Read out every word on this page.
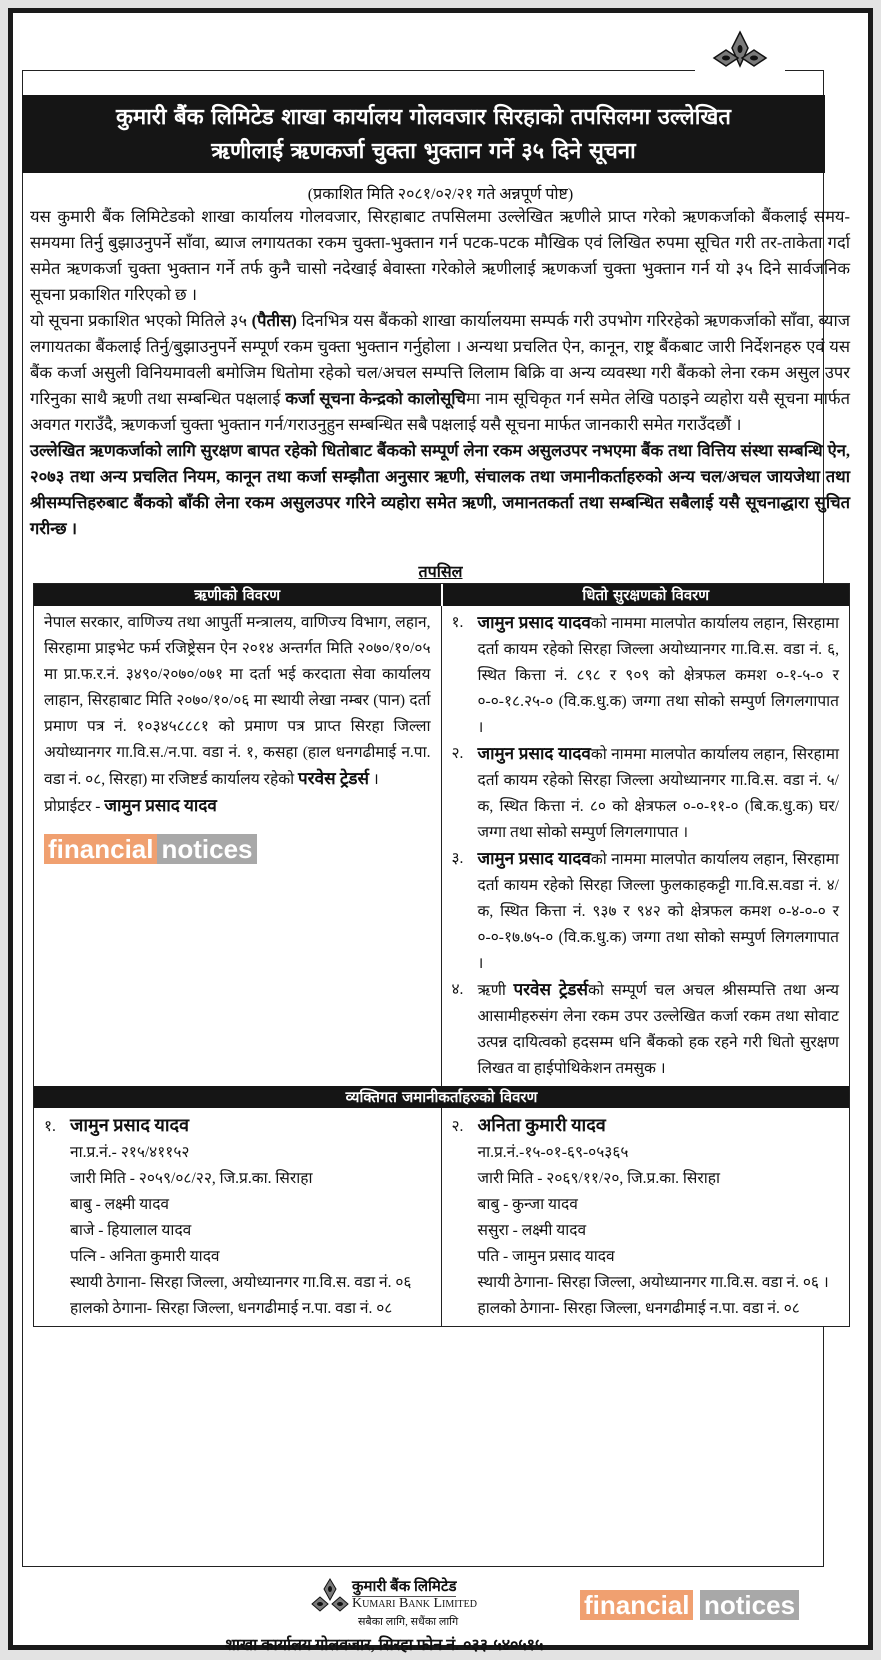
कुमारी बैंक लिमिटेड शाखा कार्यालय गोलवजार सिरहाको तपसिलमा उल्लेखित
ऋणीलाई ऋणकर्जा चुक्ता भुक्तान गर्ने ३५ दिने सूचना
(प्रकाशित मिति २०८१/०२/२१ गते अन्नपूर्ण पोष्ट)

यस कुमारी बैंक लिमिटेडको शाखा कार्यालय गोलवजार, सिरहाबाट तपसिलमा उल्लेखित ऋणीले प्राप्त गरेको ऋणकर्जाको बैंकलाई समय-समयमा तिर्नु बुझाउनुपर्ने साँवा, ब्याज लगायतका रकम चुक्ता-भुक्तान गर्न पटक-पटक मौखिक एवं लिखित रुपमा सूचित गरी तर-ताकेता गर्दा समेत ऋणकर्जा चुक्ता भुक्तान गर्ने तर्फ कुनै चासो नदेखाई बेवास्ता गरेकोले ऋणीलाई ऋणकर्जा चुक्ता भुक्तान गर्न यो ३५ दिने सार्वजनिक सूचना प्रकाशित गरिएको छ ।

यो सूचना प्रकाशित भएको मितिले ३५ (पैतीस) दिनभित्र यस बैंकको शाखा कार्यालयमा सम्पर्क गरी उपभोग गरिरहेको ऋणकर्जाको साँवा, ब्याज लगायतका बैंकलाई तिर्नु/बुझाउनुपर्ने सम्पूर्ण रकम चुक्ता भुक्तान गर्नुहोला । अन्यथा प्रचलित ऐन, कानून, राष्ट्र बैंकबाट जारी निर्देशनहरु एवं यस बैंक कर्जा असुली विनियमावली बमोजिम धितोमा रहेको चल/अचल सम्पत्ति लिलाम बिक्रि वा अन्य व्यवस्था गरी बैंकको लेना रकम असुल उपर गरिनुका साथै ऋणी तथा सम्बन्धित पक्षलाई कर्जा सूचना केन्द्रको कालोसूचिमा नाम सूचिकृत गर्न समेत लेखि पठाइने व्यहोरा यसै सूचना मार्फत अवगत गराउँदै, ऋणकर्जा चुक्ता भुक्तान गर्न/गराउनुहुन सम्बन्धित सबै पक्षलाई यसै सूचना मार्फत जानकारी समेत गराउँदछौं ।

उल्लेखित ऋणकर्जाको लागि सुरक्षण बापत रहेको धितोबाट बैंकको सम्पूर्ण लेना रकम असुलउपर नभएमा बैंक तथा वित्तिय संस्था सम्बन्धि ऐन, २०७३ तथा अन्य प्रचलित नियम, कानून तथा कर्जा सम्झौता अनुसार ऋणी, संचालक तथा जमानीकर्ताहरुको अन्य चल/अचल जायजेथा तथा श्रीसम्पत्तिहरुबाट बैंकको बाँकी लेना रकम असुलउपर गरिने व्यहोरा समेत ऋणी, जमानतकर्ता तथा सम्बन्धित सबैलाई यसै सूचनाद्धारा सुचित गरीन्छ ।

तपसिल
ऋणीको विवरण	धितो सुरक्षणको विवरण
नेपाल सरकार, वाणिज्य तथा आपुर्ती मन्त्रालय, वाणिज्य विभाग, लहान, सिरहामा प्राइभेट फर्म रजिष्ट्रेसन ऐन २०१४ अन्तर्गत मिति २०७०/१०/०५ मा प्रा.फ.र.नं. ३४९०/२०७०/०७१ मा दर्ता भई करदाता सेवा कार्यालय लाहान, सिरहाबाट मिति २०७०/१०/०६ मा स्थायी लेखा नम्बर (पान) दर्ता प्रमाण पत्र नं. १०३४५८८८१ को प्रमाण पत्र प्राप्त सिरहा जिल्ला अयोध्यानगर गा.वि.स./न.पा. वडा नं. १, कसहा (हाल धनगढीमाई न.पा. वडा नं. ०८, सिरहा) मा रजिष्टर्ड कार्यालय रहेको परवेस ट्रेडर्स ।
प्रोप्राईटर - जामुन प्रसाद यादव
financial notices
१. जामुन प्रसाद यादवको नाममा मालपोत कार्यालय लहान, सिरहामा दर्ता कायम रहेको सिरहा जिल्ला अयोध्यानगर गा.वि.स. वडा नं. ६, स्थित कित्ता नं. ८९८ र ९०९ को क्षेत्रफल कमश ०-१-५-० र ०-०-१८.२५-० (वि.क.धु.क) जग्गा तथा सोको सम्पुर्ण लिगलगापात ।
२. जामुन प्रसाद यादवको नाममा मालपोत कार्यालय लहान, सिरहामा दर्ता कायम रहेको सिरहा जिल्ला अयोध्यानगर गा.वि.स. वडा नं. ५/क, स्थित कित्ता नं. ८० को क्षेत्रफल ०-०-११-० (बि.क.धु.क) घर/जग्गा तथा सोको सम्पुर्ण लिगलगापात ।
३. जामुन प्रसाद यादवको नाममा मालपोत कार्यालय लहान, सिरहामा दर्ता कायम रहेको सिरहा जिल्ला फुलकाहकट्टी गा.वि.स.वडा नं. ४/क, स्थित कित्ता नं. ९३७ र ९४२ को क्षेत्रफल कमश ०-४-०-० र ०-०-१७.७५-० (वि.क.धु.क) जग्गा तथा सोको सम्पुर्ण लिगलगापात ।
४. ऋणी परवेस ट्रेडर्सको सम्पूर्ण चल अचल श्रीसम्पत्ति तथा अन्य आसामीहरुसंग लेना रकम उपर उल्लेखित कर्जा रकम तथा सोवाट उत्पन्न दायित्वको हदसम्म धनि बैंकको हक रहने गरी धितो सुरक्षण लिखत वा हाईपोथिकेशन तमसुक ।
व्यक्तिगत जमानीकर्ताहरुको विवरण
१. जामुन प्रसाद यादव
ना.प्र.नं.- २१५/४११५२
जारी मिति - २०५९/०८/२२, जि.प्र.का. सिराहा
बाबु - लक्ष्मी यादव
बाजे - हियालाल यादव
पत्नि - अनिता कुमारी यादव
स्थायी ठेगाना- सिरहा जिल्ला, अयोध्यानगर गा.वि.स. वडा नं. ०६
हालको ठेगाना- सिरहा जिल्ला, धनगढीमाई न.पा. वडा नं. ०८
२. अनिता कुमारी यादव
ना.प्र.नं.-१५-०१-६९-०५३६५
जारी मिति - २०६९/११/२०, जि.प्र.का. सिराहा
बाबु - कुन्जा यादव
ससुरा - लक्ष्मी यादव
पति - जामुन प्रसाद यादव
स्थायी ठेगाना- सिरहा जिल्ला, अयोध्यानगर गा.वि.स. वडा नं. ०६ ।
हालको ठेगाना- सिरहा जिल्ला, धनगढीमाई न.पा. वडा नं. ०८
कुमारी बैंक लिमिटेड
Kumari Bank Limited
सबैका लागि, सधैंका लागि
शाखा कार्यालय गोलवजार, सिरहा फोन नं. ०३३-५४०५१५
financial notices
